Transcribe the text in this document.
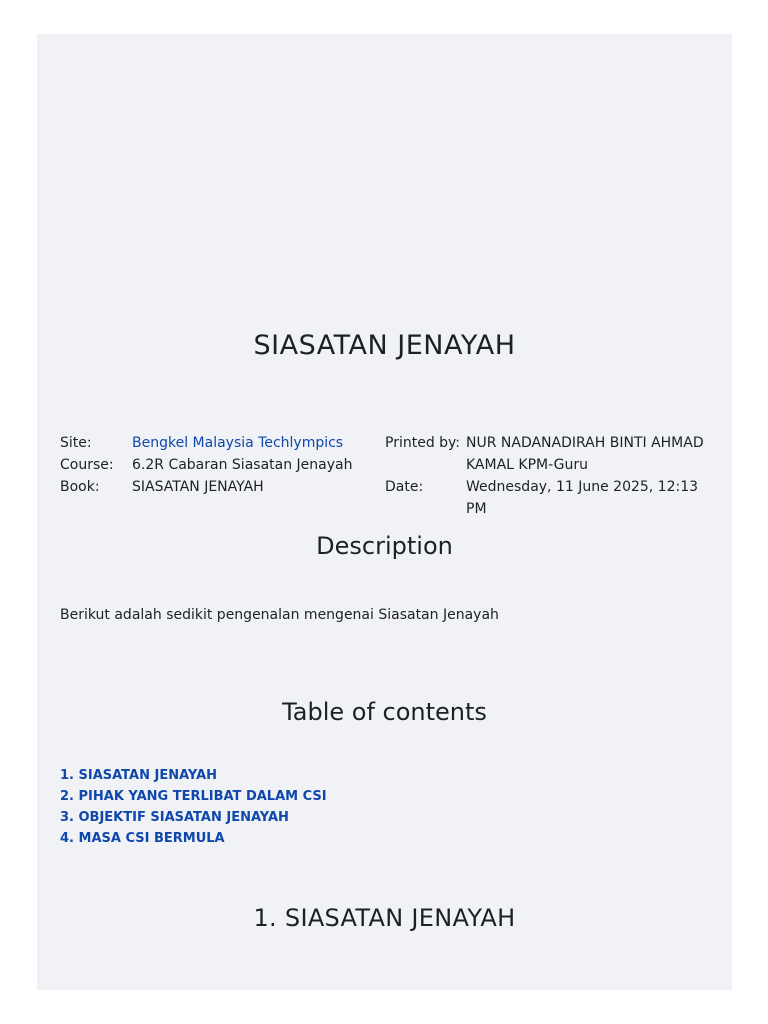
SIASATAN JENAYAH
Site:	Bengkel Malaysia Techlympics
Course:	6.2R Cabaran Siasatan Jenayah
Book:	SIASATAN JENAYAH
Printed by: NUR NADANADIRAH BINTI AHMAD KAMAL KPM-Guru
Date:	Wednesday, 11 June 2025, 12:13 PM
Description
Berikut adalah sedikit pengenalan mengenai Siasatan Jenayah
Table of contents
1. SIASATAN JENAYAH
2. PIHAK YANG TERLIBAT DALAM CSI
3. OBJEKTIF SIASATAN JENAYAH
4. MASA CSI BERMULA
1. SIASATAN JENAYAH
